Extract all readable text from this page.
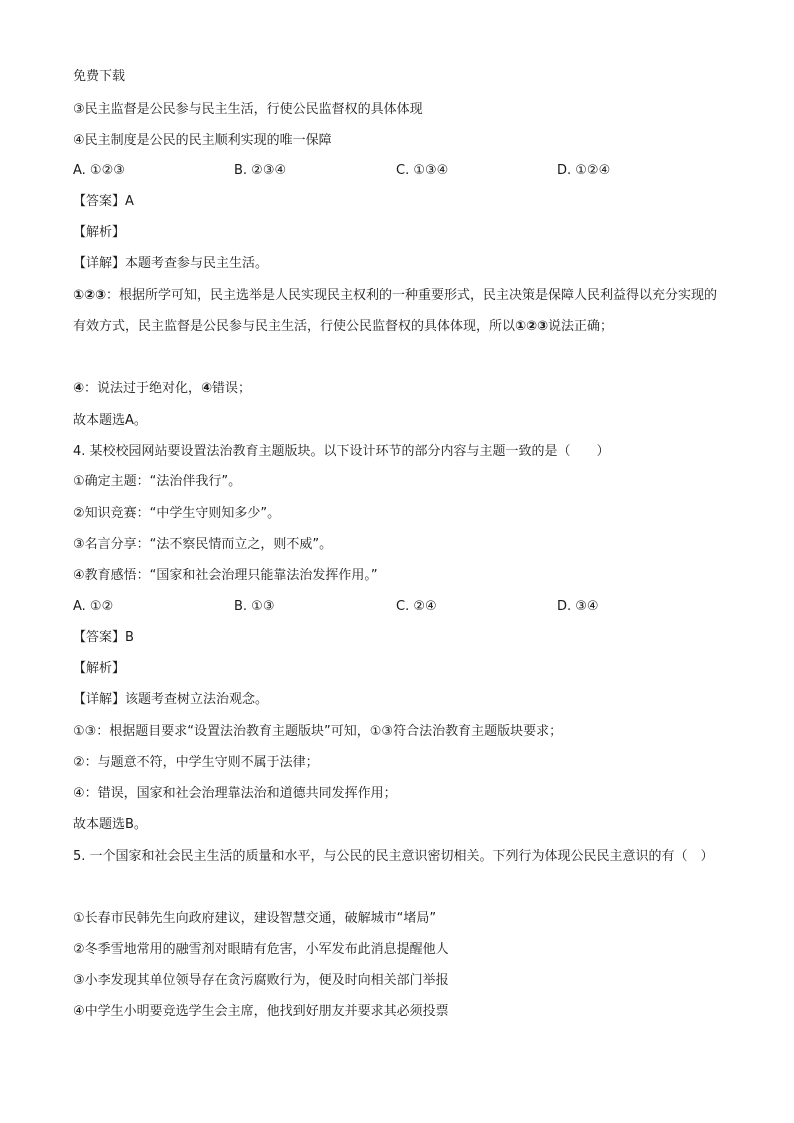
免费下载
③民主监督是公民参与民主生活，行使公民监督权的具体体现
④民主制度是公民的民主顺利实现的唯一保障
A. ①②③	B. ②③④	C. ①③④	D. ①②④
【答案】A
【解析】
【详解】本题考查参与民主生活。
①②③：根据所学可知，民主选举是人民实现民主权利的一种重要形式，民主决策是保障人民利益得以充分实现的有效方式，民主监督是公民参与民主生活，行使公民监督权的具体体现，所以①②③说法正确；
④：说法过于绝对化，④错误；
故本题选A。
4. 某校校园网站要设置法治教育主题版块。以下设计环节的部分内容与主题一致的是（　　）
①确定主题：“法治伴我行”。
②知识竞赛：“中学生守则知多少”。
③名言分享：“法不察民情而立之，则不威”。
④教育感悟：“国家和社会治理只能靠法治发挥作用。”
A. ①②	B. ①③	C. ②④	D. ③④
【答案】B
【解析】
【详解】该题考查树立法治观念。
①③：根据题目要求“设置法治教育主题版块”可知，①③符合法治教育主题版块要求；
②：与题意不符，中学生守则不属于法律；
④：错误，国家和社会治理靠法治和道德共同发挥作用；
故本题选B。
5. 一个国家和社会民主生活的质量和水平，与公民的民主意识密切相关。下列行为体现公民民主意识的有（　）
①长春市民韩先生向政府建议，建设智慧交通，破解城市“堵局”
②冬季雪地常用的融雪剂对眼睛有危害，小军发布此消息提醒他人
③小李发现其单位领导存在贪污腐败行为，便及时向相关部门举报
④中学生小明要竞选学生会主席，他找到好朋友并要求其必须投票
